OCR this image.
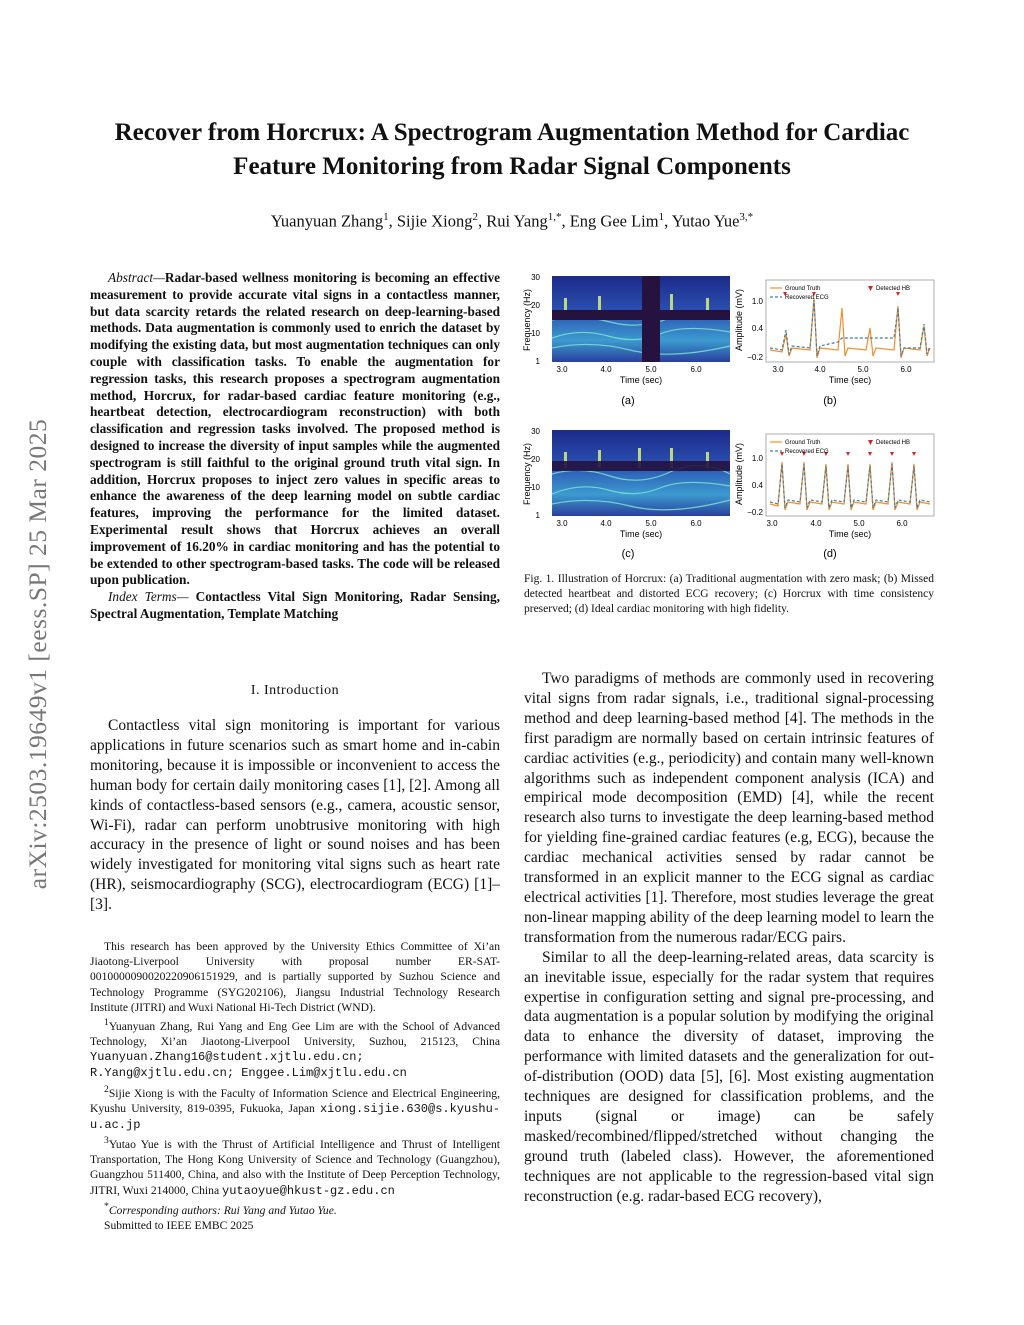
arXiv:2503.19649v1 [eess.SP] 25 Mar 2025
Recover from Horcrux: A Spectrogram Augmentation Method for Cardiac Feature Monitoring from Radar Signal Components
Yuanyuan Zhang$^1$, Sijie Xiong$^2$, Rui Yang$^{1,*}$, Eng Gee Lim$^1$, Yutao Yue$^{3,*}$

Abstract—Radar-based wellness monitoring is becoming an effective measurement to provide accurate vital signs in a contactless manner, but data scarcity retards the related research on deep-learning-based methods. Data augmentation is commonly used to enrich the dataset by modifying the existing data, but most augmentation techniques can only couple with classification tasks. To enable the augmentation for regression tasks, this research proposes a spectrogram augmentation method, Horcrux, for radar-based cardiac feature monitoring (e.g., heartbeat detection, electrocardiogram reconstruction) with both classification and regression tasks involved. The proposed method is designed to increase the diversity of input samples while the augmented spectrogram is still faithful to the original ground truth vital sign. In addition, Horcrux proposes to inject zero values in specific areas to enhance the awareness of the deep learning model on subtle cardiac features, improving the performance for the limited dataset. Experimental result shows that Horcrux achieves an overall improvement of 16.20% in cardiac monitoring and has the potential to be extended to other spectrogram-based tasks. The code will be released upon publication.

Index Terms— Contactless Vital Sign Monitoring, Radar Sensing, Spectral Augmentation, Template Matching

I. Introduction

Contactless vital sign monitoring is important for various applications in future scenarios such as smart home and in-cabin monitoring, because it is impossible or inconvenient to access the human body for certain daily monitoring cases [1], [2]. Among all kinds of contactless-based sensors (e.g., camera, acoustic sensor, Wi-Fi), radar can perform unobtrusive monitoring with high accuracy in the presence of light or sound noises and has been widely investigated for monitoring vital signs such as heart rate (HR), seismocardiography (SCG), electrocardiogram (ECG) [1]–[3].

This research has been approved by the University Ethics Committee of Xi’an Jiaotong-Liverpool University with proposal number ER-SAT-0010000090020220906151929, and is partially supported by Suzhou Science and Technology Programme (SYG202106), Jiangsu Industrial Technology Research Institute (JITRI) and Wuxi National Hi-Tech District (WND).

$^1$Yuanyuan Zhang, Rui Yang and Eng Gee Lim are with the School of Advanced Technology, Xi’an Jiaotong-Liverpool University, Suzhou, 215123, China Yuanyuan.Zhang16@student.xjtlu.edu.cn; R.Yang@xjtlu.edu.cn; Enggee.Lim@xjtlu.edu.cn

$^2$Sijie Xiong is with the Faculty of Information Science and Electrical Engineering, Kyushu University, 819-0395, Fukuoka, Japan xiong.sijie.630@s.kyushu-u.ac.jp

$^3$Yutao Yue is with the Thrust of Artificial Intelligence and Thrust of Intelligent Transportation, The Hong Kong University of Science and Technology (Guangzhou), Guangzhou 511400, China, and also with the Institute of Deep Perception Technology, JITRI, Wuxi 214000, China yutaoyue@hkust-gz.edu.cn

*Corresponding authors: Rui Yang and Yutao Yue.

Submitted to IEEE EMBC 2025

30
20
10
1
3.0	4.0	5.0	6.0
Time (sec)
Frequency (Hz)	Ground Truth
Recovered ECG
Detected HB
1.0
0.4
−0.2
3.0	4.0	5.0	6.0
Time (sec)
Amplitude (mV)
30
20
10
1
3.0	4.0	5.0	6.0
Time (sec)
Frequency (Hz)	Ground Truth
Recovered ECG
Detected HB
1.0
0.4
−0.2
3.0	4.0	5.0	6.0
Time (sec)
Amplitude (mV)
(a)	(b)
(c)	(d)
Fig. 1. Illustration of Horcrux: (a) Traditional augmentation with zero mask; (b) Missed detected heartbeat and distorted ECG recovery; (c) Horcrux with time consistency preserved; (d) Ideal cardiac monitoring with high fidelity.

Two paradigms of methods are commonly used in recovering vital signs from radar signals, i.e., traditional signal-processing method and deep learning-based method [4]. The methods in the first paradigm are normally based on certain intrinsic features of cardiac activities (e.g., periodicity) and contain many well-known algorithms such as independent component analysis (ICA) and empirical mode decomposition (EMD) [4], while the recent research also turns to investigate the deep learning-based method for yielding fine-grained cardiac features (e.g, ECG), because the cardiac mechanical activities sensed by radar cannot be transformed in an explicit manner to the ECG signal as cardiac electrical activities [1]. Therefore, most studies leverage the great non-linear mapping ability of the deep learning model to learn the transformation from the numerous radar/ECG pairs.

Similar to all the deep-learning-related areas, data scarcity is an inevitable issue, especially for the radar system that requires expertise in configuration setting and signal pre-processing, and data augmentation is a popular solution by modifying the original data to enhance the diversity of dataset, improving the performance with limited datasets and the generalization for out-of-distribution (OOD) data [5], [6]. Most existing augmentation techniques are designed for classification problems, and the inputs (signal or image) can be safely masked/recombined/flipped/stretched without changing the ground truth (labeled class). However, the aforementioned techniques are not applicable to the regression-based vital sign reconstruction (e.g. radar-based ECG recovery),
